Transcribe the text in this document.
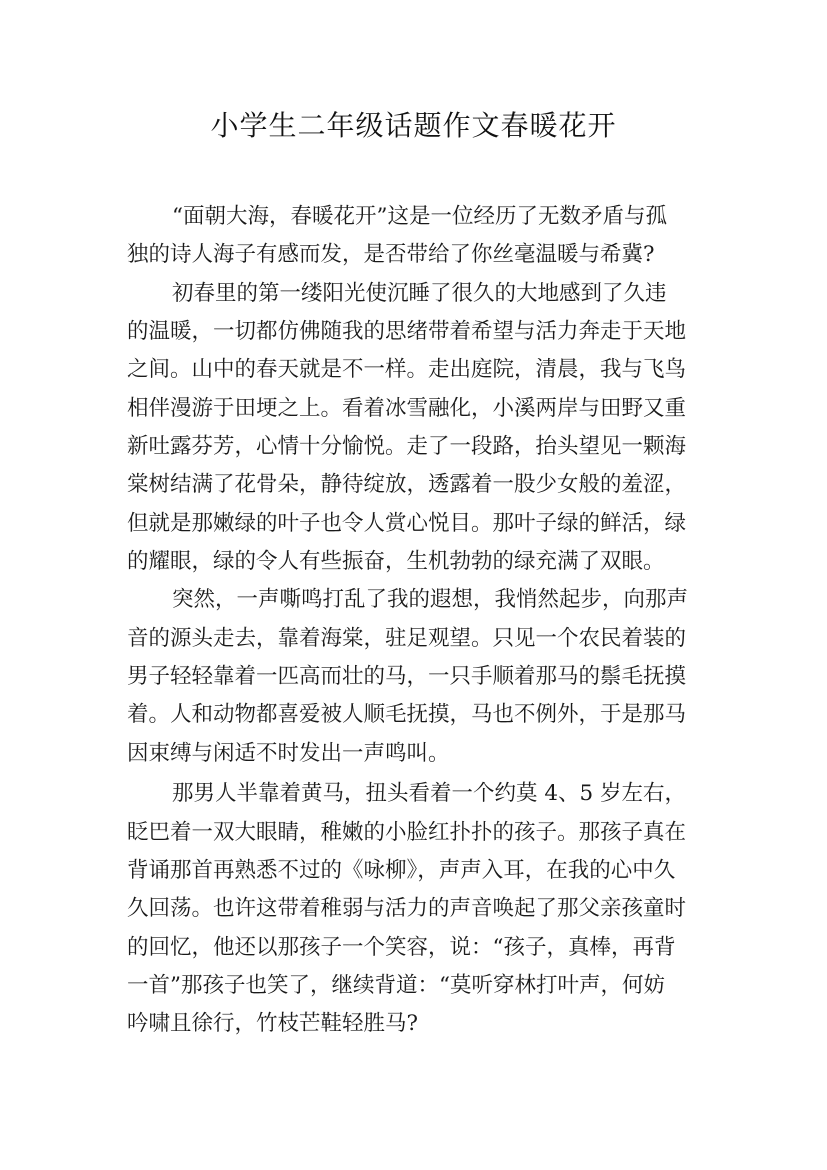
小学生二年级话题作文春暖花开
“面朝大海，春暖花开”这是一位经历了无数矛盾与孤
独的诗人海子有感而发，是否带给了你丝毫温暖与希冀?
初春里的第一缕阳光使沉睡了很久的大地感到了久违
的温暖，一切都仿佛随我的思绪带着希望与活力奔走于天地
之间。山中的春天就是不一样。走出庭院，清晨，我与飞鸟
相伴漫游于田埂之上。看着冰雪融化，小溪两岸与田野又重
新吐露芬芳，心情十分愉悦。走了一段路，抬头望见一颗海
棠树结满了花骨朵，静待绽放，透露着一股少女般的羞涩，
但就是那嫩绿的叶子也令人赏心悦目。那叶子绿的鲜活，绿
的耀眼，绿的令人有些振奋，生机勃勃的绿充满了双眼。
突然，一声嘶鸣打乱了我的遐想，我悄然起步，向那声
音的源头走去，靠着海棠，驻足观望。只见一个农民着装的
男子轻轻靠着一匹高而壮的马，一只手顺着那马的鬃毛抚摸
着。人和动物都喜爱被人顺毛抚摸，马也不例外，于是那马
因束缚与闲适不时发出一声鸣叫。
那男人半靠着黄马，扭头看着一个约莫 4、5 岁左右，
眨巴着一双大眼睛，稚嫩的小脸红扑扑的孩子。那孩子真在
背诵那首再熟悉不过的《咏柳》，声声入耳，在我的心中久
久回荡。也许这带着稚弱与活力的声音唤起了那父亲孩童时
的回忆，他还以那孩子一个笑容，说：“孩子，真棒，再背
一首”那孩子也笑了，继续背道：“莫听穿林打叶声，何妨
吟啸且徐行，竹枝芒鞋轻胜马?
